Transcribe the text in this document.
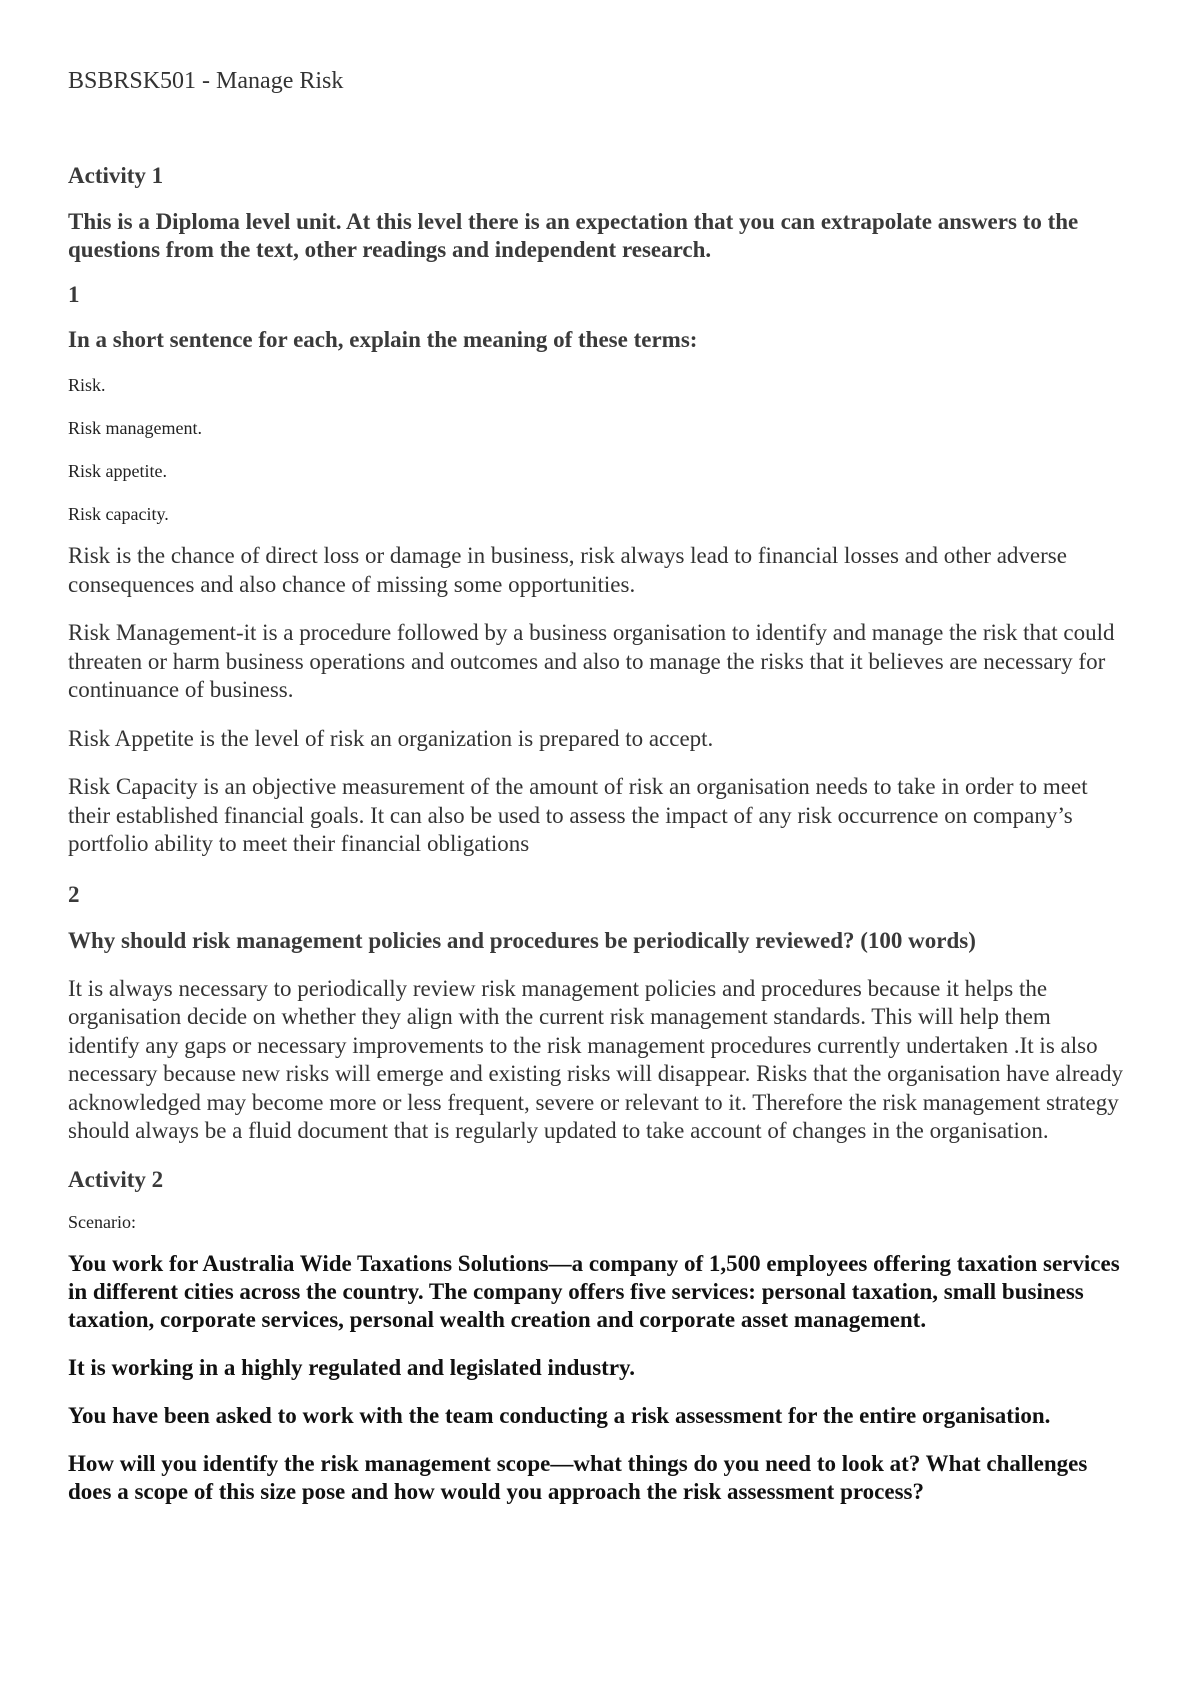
BSBRSK501 - Manage Risk

Activity 1

This is a Diploma level unit. At this level there is an expectation that you can extrapolate answers to the questions from the text, other readings and independent research.

1

In a short sentence for each, explain the meaning of these terms:

Risk.

Risk management.

Risk appetite.

Risk capacity.

Risk is the chance of direct loss or damage in business, risk always lead to financial losses and other adverse consequences and also chance of missing some opportunities.

Risk Management-it is a procedure followed by a business organisation to identify and manage the risk that could threaten or harm business operations and outcomes and also to manage the risks that it believes are necessary for continuance of business.

Risk Appetite is the level of risk an organization is prepared to accept.

Risk Capacity is an objective measurement of the amount of risk an organisation needs to take in order to meet their established financial goals. It can also be used to assess the impact of any risk occurrence on company’s portfolio ability to meet their financial obligations

2

Why should risk management policies and procedures be periodically reviewed? (100 words)

It is always necessary to periodically review risk management policies and procedures because it helps the organisation decide on whether they align with the current risk management standards. This will help them identify any gaps or necessary improvements to the risk management procedures currently undertaken .It is also necessary because new risks will emerge and existing risks will disappear. Risks that the organisation have already acknowledged may become more or less frequent, severe or relevant to it. Therefore the risk management strategy should always be a fluid document that is regularly updated to take account of changes in the organisation.

Activity 2

Scenario:

You work for Australia Wide Taxations Solutions—a company of 1,500 employees offering taxation services in different cities across the country. The company offers five services: personal taxation, small business taxation, corporate services, personal wealth creation and corporate asset management.

It is working in a highly regulated and legislated industry.

You have been asked to work with the team conducting a risk assessment for the entire organisation.

How will you identify the risk management scope—what things do you need to look at? What challenges does a scope of this size pose and how would you approach the risk assessment process?
